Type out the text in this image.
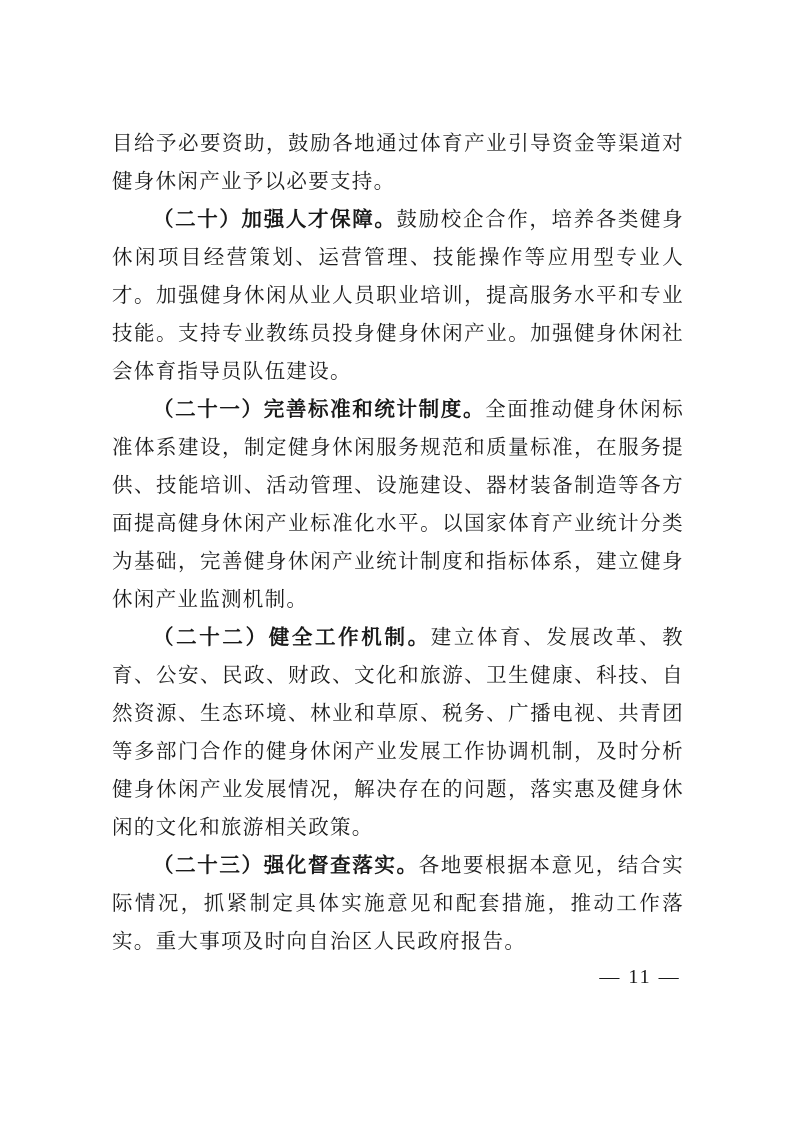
目给予必要资助，鼓励各地通过体育产业引导资金等渠道对健身休闲产业予以必要支持。

（二十）加强人才保障。鼓励校企合作，培养各类健身休闲项目经营策划、运营管理、技能操作等应用型专业人才。加强健身休闲从业人员职业培训，提高服务水平和专业技能。支持专业教练员投身健身休闲产业。加强健身休闲社会体育指导员队伍建设。

（二十一）完善标准和统计制度。全面推动健身休闲标准体系建设，制定健身休闲服务规范和质量标准，在服务提供、技能培训、活动管理、设施建设、器材装备制造等各方面提高健身休闲产业标准化水平。以国家体育产业统计分类为基础，完善健身休闲产业统计制度和指标体系，建立健身休闲产业监测机制。

（二十二）健全工作机制。建立体育、发展改革、教育、公安、民政、财政、文化和旅游、卫生健康、科技、自然资源、生态环境、林业和草原、税务、广播电视、共青团等多部门合作的健身休闲产业发展工作协调机制，及时分析健身休闲产业发展情况，解决存在的问题，落实惠及健身休闲的文化和旅游相关政策。

（二十三）强化督查落实。各地要根据本意见，结合实际情况，抓紧制定具体实施意见和配套措施，推动工作落实。重大事项及时向自治区人民政府报告。

— 11 —
